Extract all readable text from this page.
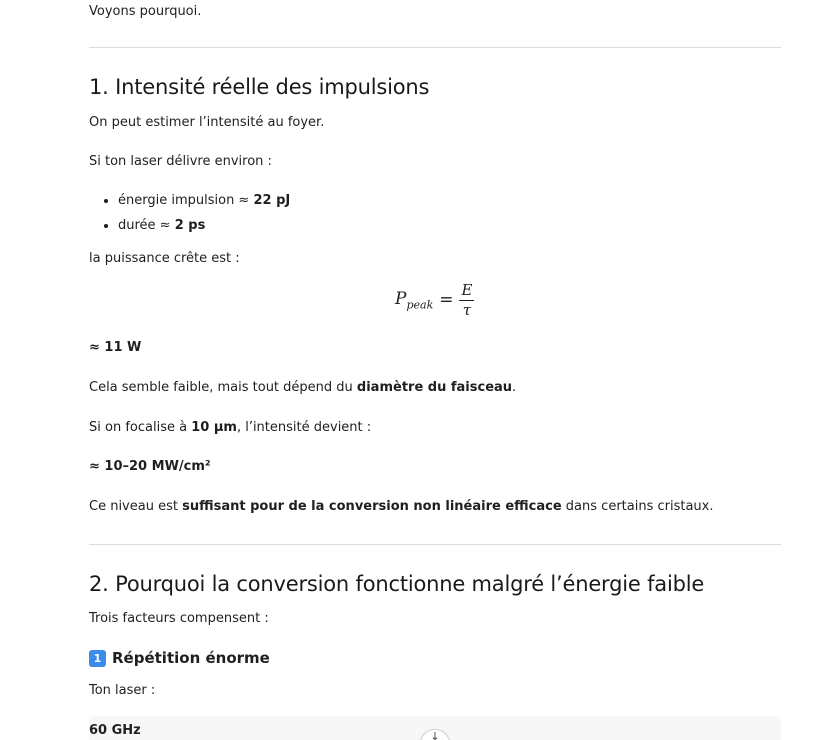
Voyons pourquoi.

1. Intensité réelle des impulsions

On peut estimer l’intensité au foyer.

Si ton laser délivre environ :

• énergie impulsion ≈ 22 pJ
• durée ≈ 2 ps

la puissance crête est :

$P_{peak} = \frac{E}{\tau}$

≈ 11 W

Cela semble faible, mais tout dépend du diamètre du faisceau.

Si on focalise à 10 µm, l’intensité devient :

≈ 10–20 MW/cm²

Ce niveau est suffisant pour de la conversion non linéaire efficace dans certains cristaux.

2. Pourquoi la conversion fonctionne malgré l’énergie faible

Trois facteurs compensent :

1 Répétition énorme

Ton laser :

60 GHz	↓
